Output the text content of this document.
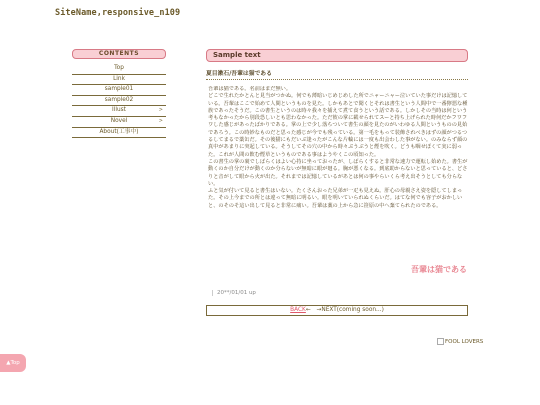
SiteName,responsive_n109
CONTENTS
Top
Link
sample01
sample02
Illust	>
Novel	>
About(工事中)
Sample text
夏目漱石/吾輩は猫である

吾輩は猫である。名前はまだ無い。

どこで生れたかとんと見当がつかぬ。何でも薄暗いじめじめした所でニャーニャー泣いていた事だけは記憶している。吾輩はここで始めて人間というものを見た。しかもあとで聞くとそれは書生という人間中で一番獰悪な種族であったそうだ。この書生というのは時々我々を捕えて煮て食うという話である。しかしその当時は何という考もなかったから別段恐しいとも思わなかった。ただ彼の掌に載せられてスーと持ち上げられた時何だかフワフワした感じがあったばかりである。掌の上で少し落ちついて書生の顔を見たのがいわゆる人間というものの見始であろう。この時妙なものだと思った感じが今でも残っている。第一毛をもって装飾されべきはずの顔がつるつるしてまるで薬缶だ。その後猫にもだいぶ逢ったがこんな片輪には一度も出会わした事がない。のみならず顔の真中があまりに突起している。そうしてその穴の中から時々ぷうぷうと煙を吹く。どうも咽せぽくて実に弱った。これが人間の飲む煙草というものである事はようやくこの頃知った。

この書生の掌の裏でしばらくはよい心持に坐っておったが、しばらくすると非常な速力で運転し始めた。書生が動くのか自分だけが動くのか分らないが無暗に眼が廻る。胸が悪くなる。到底助からないと思っていると、どさりと音がして眼から火が出た。それまでは記憶しているがあとは何の事やらいくら考え出そうとしても分らない。

ふと気が付いて見ると書生はいない。たくさんおった兄弟が一疋も見えぬ。肝心の母親さえ姿を隠してしまった。その上今までの所とは違って無暗に明るい。眼を明いていられぬくらいだ。はてな何でも容子がおかしいと、のそのそ這い出して見ると非常に痛い。吾輩は藁の上から急に笹原の中へ棄てられたのである。

吾輩は猫である
20**/01/01 up
BACK←　→NEXT(coming soon...)
FOOL LOVERS
▲Top
